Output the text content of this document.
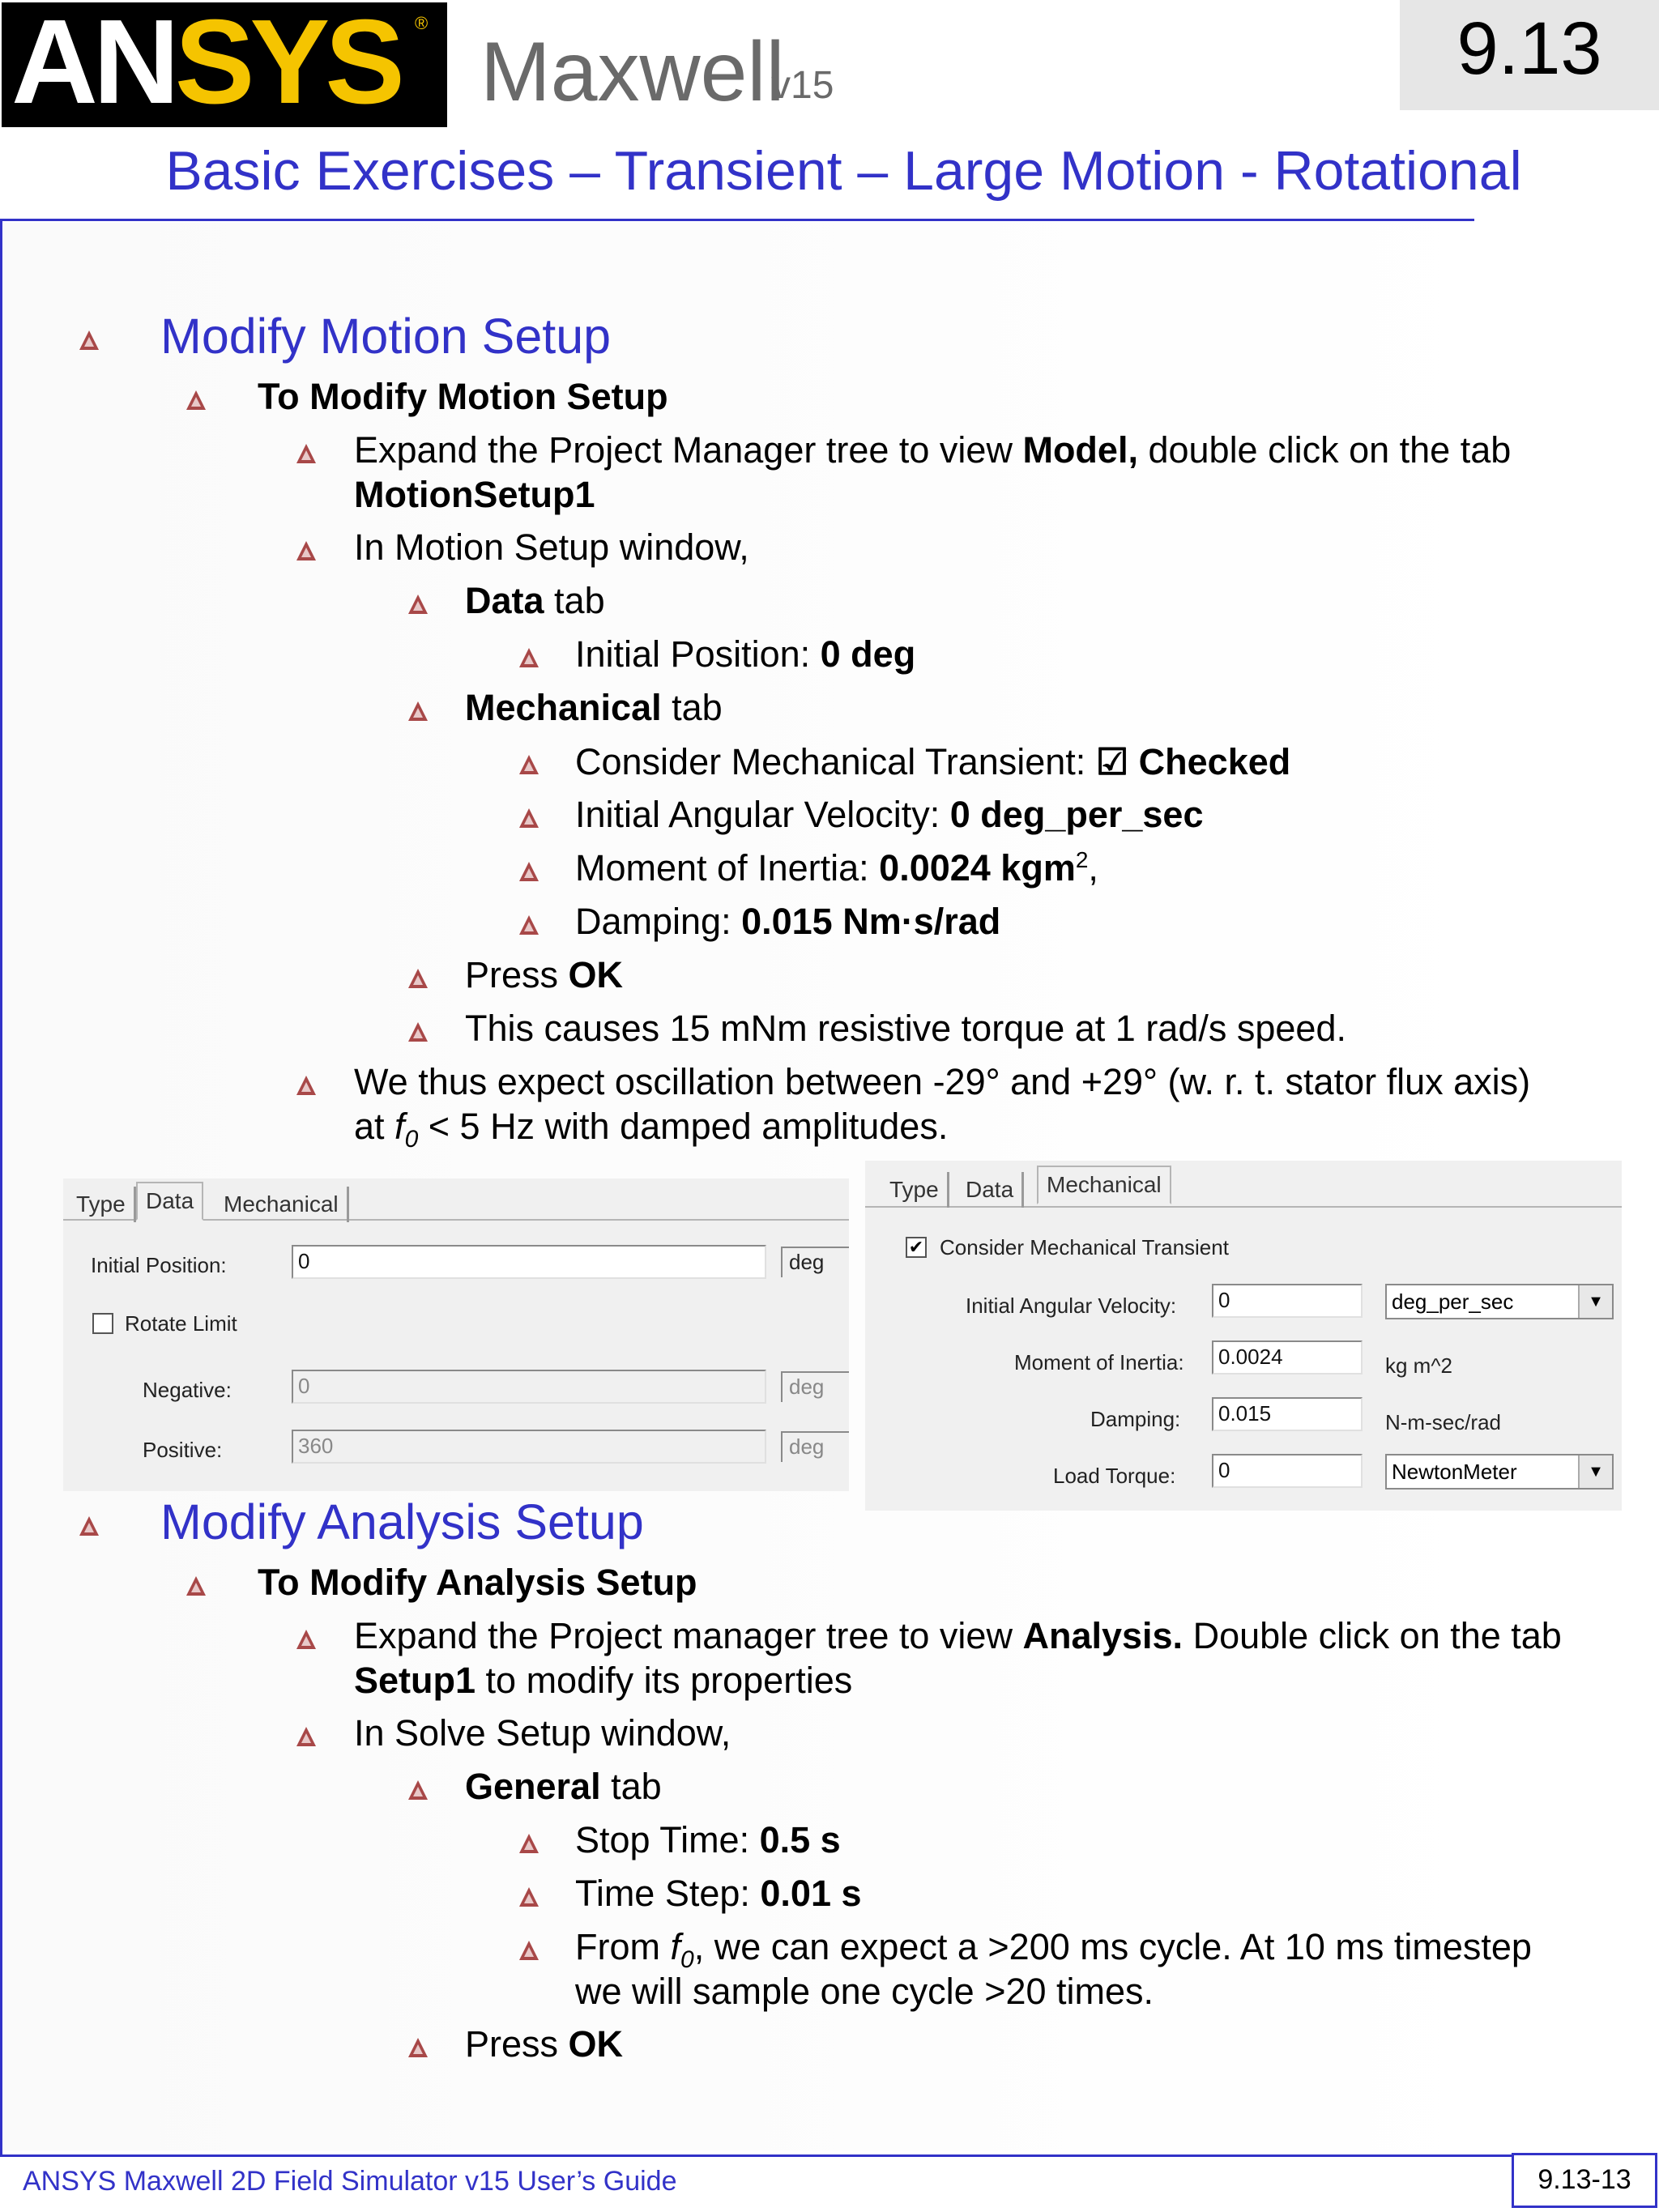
ANSYS ®
Maxwell
v15	9.13
Basic Exercises – Transient – Large Motion - Rotational
Modify Motion Setup
To Modify Motion Setup
Expand the Project Manager tree to view Model, double click on the tab
MotionSetup1
In Motion Setup window,
Data tab
Initial Position: 0 deg
Mechanical tab
Consider Mechanical Transient: ☑ Checked
Initial Angular Velocity: 0 deg_per_sec
Moment of Inertia: 0.0024 kgm$^2$,
Damping: 0.015 Nm·s/rad
Press OK
This causes 15 mNm resistive torque at 1 rad/s speed.
We thus expect oscillation between -29° and +29° (w. r. t. stator flux axis)
at $f_0 < 5$ Hz with damped amplitudes.
Type Data	Mechanical
Initial Position:	0	deg
Rotate Limit
Negative:	0	deg
Positive:	360	deg
Type	Data	Mechanical
✔ Consider Mechanical Transient
Initial Angular Velocity:	0	deg_per_sec	▼
Moment of Inertia:	0.0024	kg m^2
Damping:	0.015	N-m-sec/rad
Load Torque:	0	NewtonMeter	▼
Modify Analysis Setup
To Modify Analysis Setup
Expand the Project manager tree to view Analysis. Double click on the tab
Setup1 to modify its properties
In Solve Setup window,
General tab
Stop Time: 0.5 s
Time Step: 0.01 s
From $f_0$, we can expect a >200 ms cycle. At 10 ms timestep
we will sample one cycle >20 times.
Press OK
ANSYS Maxwell 2D Field Simulator v15 User’s Guide	9.13-13
